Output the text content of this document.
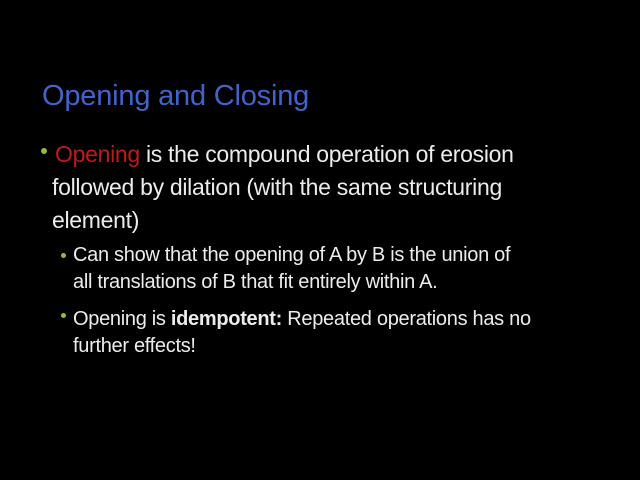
Opening and Closing
Opening is the compound operation of erosion
followed by dilation (with the same structuring
element)
Can show that the opening of A by B is the union of
all translations of B that fit entirely within A.
Opening is idempotent: Repeated operations has no
further effects!
